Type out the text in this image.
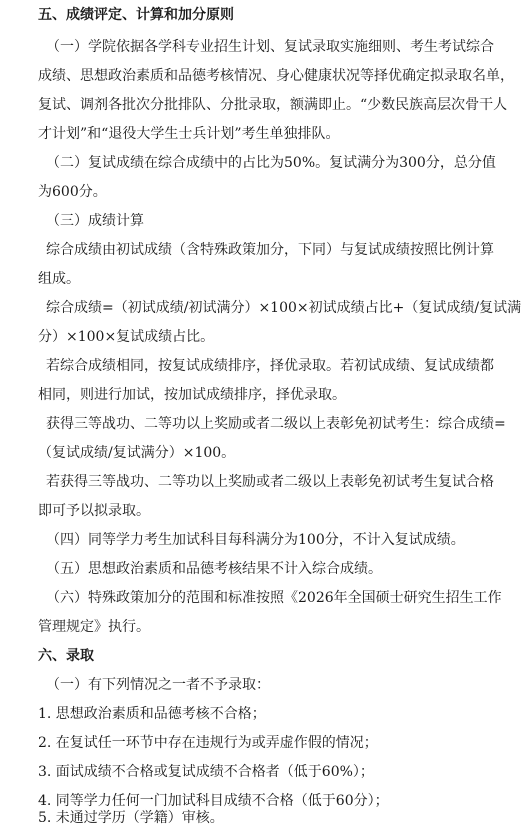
五、成绩评定、计算和加分原则
（一）学院依据各学科专业招生计划、复试录取实施细则、考生考试综合
成绩、思想政治素质和品德考核情况、身心健康状况等择优确定拟录取名单，
复试、调剂各批次分批排队、分批录取，额满即止。“少数民族高层次骨干人
才计划”和“退役大学生士兵计划”考生单独排队。
（二）复试成绩在综合成绩中的占比为50%。复试满分为300分，总分值
为600分。
（三）成绩计算
综合成绩由初试成绩（含特殊政策加分，下同）与复试成绩按照比例计算
组成。
综合成绩=（初试成绩/初试满分）×100×初试成绩占比+（复试成绩/复试满
分）×100×复试成绩占比。
若综合成绩相同，按复试成绩排序，择优录取。若初试成绩、复试成绩都
相同，则进行加试，按加试成绩排序，择优录取。
获得三等战功、二等功以上奖励或者二级以上表彰免初试考生：综合成绩=
（复试成绩/复试满分）×100。
若获得三等战功、二等功以上奖励或者二级以上表彰免初试考生复试合格
即可予以拟录取。
（四）同等学力考生加试科目每科满分为100分，不计入复试成绩。
（五）思想政治素质和品德考核结果不计入综合成绩。
（六）特殊政策加分的范围和标准按照《2026年全国硕士研究生招生工作
管理规定》执行。
六、录取
（一）有下列情况之一者不予录取：
1. 思想政治素质和品德考核不合格；
2. 在复试任一环节中存在违规行为或弄虚作假的情况；
3. 面试成绩不合格或复试成绩不合格者（低于60%）；
4. 同等学力任何一门加试科目成绩不合格（低于60分）；
5. 未通过学历（学籍）审核。
